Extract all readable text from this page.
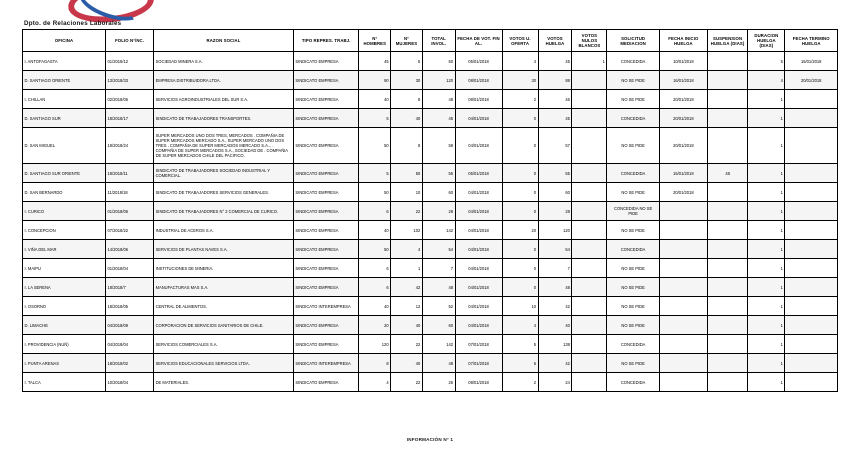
Dpto. de Relaciones Laborales
OFICINA	FOLIO N°/NC.	RAZON SOCIAL	TIPO REPRES. TRABJ.	N° HOMBRES	N° MUJERES	TOTAL INVOL.	FECHA DE VOT. FIN AL.	VOTOS U. OFERTA	VOTOS HUELGA	VOTOS NULOS BLANCOS	SOLICITUD MEDIACION	FECHA INICIO HUELGA	SUSPENSION HUELGA (DIAS)	DURACION HUELGA (DIAS)	FECHA TERMINO HUELGA
I. ANTOFAGASTA	01/2018/12	SOCIEDAD MINERA S.A.	SINDICATO EMPRESA	45	5	50	05/01/2018	4	45	1	CONCEDIDA	10/01/2018		5	15/01/2018
D. SANTIAGO ORIENTE	13/2018/33	EMPRESA DISTRIBUIDORA LTDA.	SINDICATO EMPRESA	90	30	120	08/01/2018	30	88		NO SE PIDE	16/01/2018		4	20/01/2018
I. CHILLAN	02/2018/06	SERVICIOS AGROINDUSTRIALES DEL SUR S.A.	SINDICATO EMPRESA	40	8	48	08/01/2018	2	46		NO SE PIDE	20/01/2018		1	
D. SANTIAGO SUR	18/2018/17	SINDICATO DE TRABAJADORES TRANSPORTES.	SINDICATO EMPRESA	5	40	45	04/01/2018	0	45		CONCEDIDA	20/01/2018		1	
D. SAN MIGUEL	18/2018/24	SUPER MERCADOS UNO DOS TRES, MERCADOS . COMPAÑIA DE SUPER MERCADOS MERCADO S.A., SUPER MERCADO UNO DOS TRES . COMPAÑIA DE SUPER MERCADOS MERCADO S.A.., . COMPAÑIA DE SUPER MERCADOS S.A., SOCIEDAD DE . COMPAÑIA DE SUPER MERCADOS CHILE DEL PACIFICO.	SINDICATO EMPRESA	50	8	58	04/01/2018	0	57		NO SE PIDE	20/01/2018		1	
D. SANTIAGO SUR ORIENTE	18/2018/11	SINDICATO DE TRABAJADORES SOCIEDAD INDUSTRIAL Y COMERCIAL.	SINDICATO EMPRESA	5	50	55	05/01/2018	0	55		CONCEDIDA	15/01/2018	48	1	
D. SAN BERNARDO	11/2018/18	SINDICATO DE TRABAJADORES SERVICIOS GENERALES.	SINDICATO EMPRESA	50	10	60	04/01/2018	0	60		NO SE PIDE	20/01/2018		1	
I. CURICO	01/2018/06	SINDICATO DE TRABAJADORES N° 2 COMERCIAL DE CURICO.	SINDICATO EMPRESA	6	22	28	04/01/2018	0	28		CONCEDIDA NO SE PIDE			1	
I. CONCEPCION	07/2018/22	INDUSTRIAL DE ACEROS S.A.	SINDICATO EMPRESA	40	102	142	04/01/2018	20	120		NO SE PIDE			1	
I. VIÑA DEL MAR	14/2018/06	SERVICIOS DE PLANTAS NAVES S.A.	SINDICATO EMPRESA	50	4	54	04/01/2018	0	54		CONCEDIDA			1	
I. MAIPU	01/2018/04	INSTITUCIONES DE MINERIA.	SINDICATO EMPRESA	6	1	7	04/01/2018	0	7		NO SE PIDE			1	
I. LA SERENA	18/2018/7	MANUFACTURAS MAS S.A.	SINDICATO EMPRESA	6	42	48	04/01/2018	0	48		NO SE PIDE			1	
I. OSORNO	18/2018/05	CENTRAL DE ALIMENTOS.	SINDICATO INTEREMPRESA	40	12	52	04/01/2018	10	42		NO SE PIDE			1	
D. LIMACHE	04/2018/09	CORPORACION DE SERVICIOS SANITARIOS DE CHILE.	SINDICATO EMPRESA	20	40	60	04/01/2018	4	40		NO SE PIDE			1	
I. PROVIDENCIA (NUÑ)	04/2018/04	SERVICIOS COMERCIALES S.A.	SINDICATO EMPRESA	120	22	142	07/01/2018	5	138		CONCEDIDA			1	
I. PUNTA ARENAS	18/2018/02	SERVICIOS EDUCACIONALES SERVICIOS LTDA.	SINDICATO INTEREMPRESA	8	40	48	07/01/2018	6	42		NO SE PIDE			1	
I. TALCA	10/2018/04	DE MATERIALES.	SINDICATO EMPRESA	4	22	26	08/01/2018	2	24		CONCEDIDA			1	
INFORMACIÓN N° 1
